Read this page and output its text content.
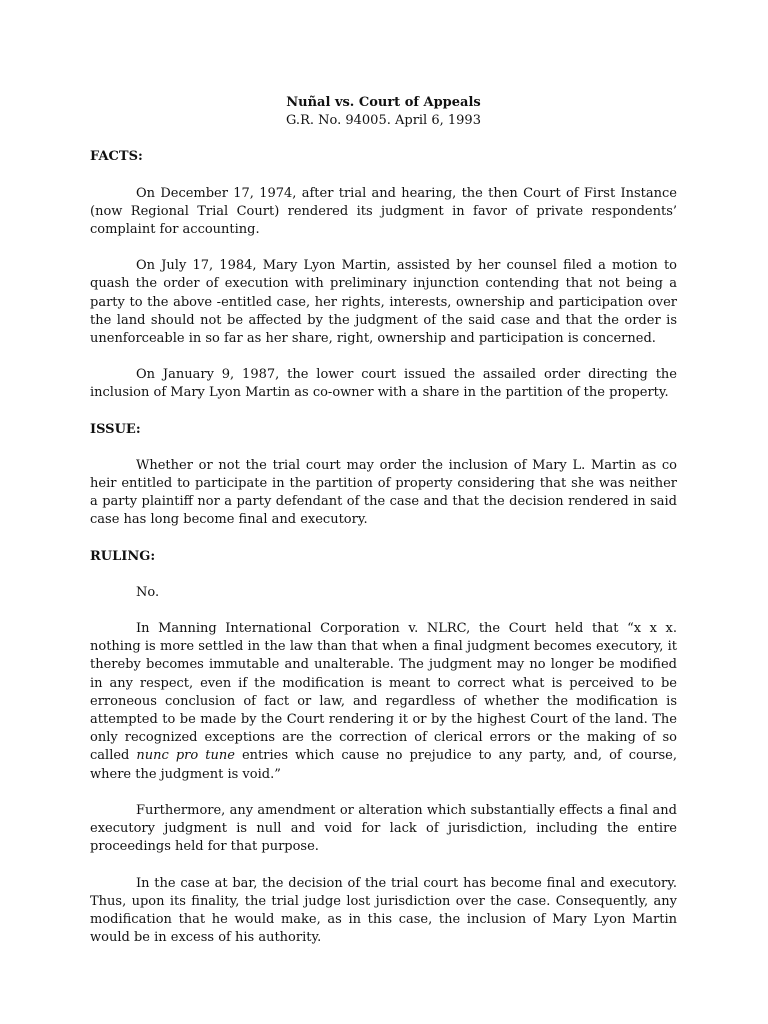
Nuñal vs. Court of Appeals
G.R. No. 94005. April 6, 1993
FACTS:

On December 17, 1974, after trial and hearing, the then Court of First Instance (now Regional Trial Court) rendered its judgment in favor of private respondents’ complaint for accounting.

On July 17, 1984, Mary Lyon Martin, assisted by her counsel filed a motion to quash the order of execution with preliminary injunction contending that not being a party to the above -entitled case, her rights, interests, ownership and participation over the land should not be affected by the judgment of the said case and that the order is unenforceable in so far as her share, right, ownership and participation is concerned.

On January 9, 1987, the lower court issued the assailed order directing the inclusion of Mary Lyon Martin as co-owner with a share in the partition of the property.

ISSUE:

Whether or not the trial court may order the inclusion of Mary L. Martin as co heir entitled to participate in the partition of property considering that she was neither a party plaintiff nor a party defendant of the case and that the decision rendered in said case has long become final and executory.

RULING:

No.

In Manning International Corporation v. NLRC, the Court held that “x x x. nothing is more settled in the law than that when a final judgment becomes executory, it thereby becomes immutable and unalterable. The judgment may no longer be modified in any respect, even if the modification is meant to correct what is perceived to be erroneous conclusion of fact or law, and regardless of whether the modification is attempted to be made by the Court rendering it or by the highest Court of the land. The only recognized exceptions are the correction of clerical errors or the making of so called nunc pro tune entries which cause no prejudice to any party, and, of course, where the judgment is void.”

Furthermore, any amendment or alteration which substantially effects a final and executory judgment is null and void for lack of jurisdiction, including the entire proceedings held for that purpose.

In the case at bar, the decision of the trial court has become final and executory. Thus, upon its finality, the trial judge lost jurisdiction over the case. Consequently, any modification that he would make, as in this case, the inclusion of Mary Lyon Martin would be in excess of his authority.
